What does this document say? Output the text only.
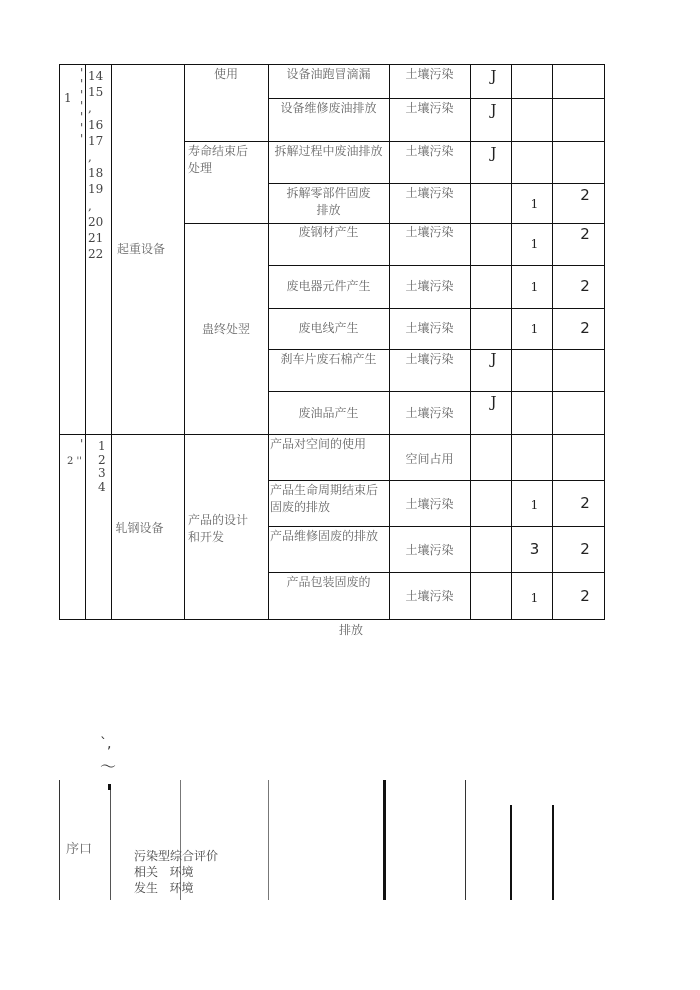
1
'
'
'
'
'
'
'
14
15
,
16
17
,
18
19
,
20
21
22	起重设备
使用
寿命结束后
处理
蛊终处翌
设备油跑冒滴漏
设备维修废油排放
拆解过程中废油排放
拆解零部件固废
排放
废钢材产生
废电器元件产生
废电线产生
刹车片废石棉产生
废油品产生
土壤污染
土壤污染
土壤污染
土壤污染
土壤污染
土壤污染
土壤污染
土壤污染
土壤污染
J
J
J
J
J
1
1
1
1
2
2
2
2
2 ''
' 1
2
3
4
轧钢设备
产品的设计
和开发
产品对空间的使用
产品生命周期结束后
固废的排放
产品维修固废的排放
产品包装固废的
空间占用
土壤污染
土壤污染
土壤污染
1
3
1
2
2
2
排放
`,
～
序口	污染型综合评价
相关   环境
发生   环境
